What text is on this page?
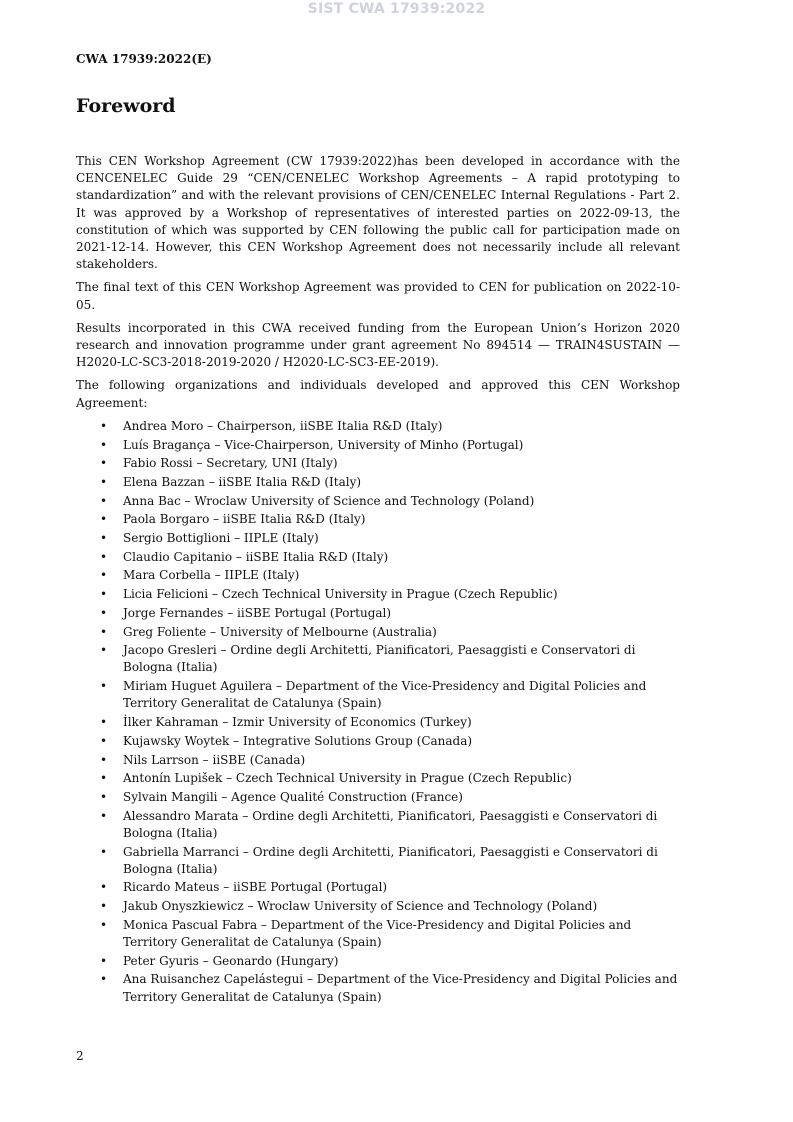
SIST CWA 17939:2022
CWA 17939:2022(E)
Foreword

This CEN Workshop Agreement (CW 17939:2022)has been developed in accordance with the CENCENELEC Guide 29 “CEN/CENELEC Workshop Agreements – A rapid prototyping to standardization” and with the relevant provisions of CEN/CENELEC Internal Regulations - Part 2. It was approved by a Workshop of representatives of interested parties on 2022-09-13, the constitution of which was supported by CEN following the public call for participation made on 2021-12-14. However, this CEN Workshop Agreement does not necessarily include all relevant stakeholders.

The final text of this CEN Workshop Agreement was provided to CEN for publication on 2022-10-05.

Results incorporated in this CWA received funding from the European Union’s Horizon 2020 research and innovation programme under grant agreement No 894514 — TRAIN4SUSTAIN — H2020-LC-SC3-2018-2019-2020 / H2020-LC-SC3-EE-2019).

The following organizations and individuals developed and approved this CEN Workshop Agreement:

• Andrea Moro – Chairperson, iiSBE Italia R&D (Italy)
• Luís Bragança – Vice-Chairperson, University of Minho (Portugal)
• Fabio Rossi – Secretary, UNI (Italy)
• Elena Bazzan – iiSBE Italia R&D (Italy)
• Anna Bac – Wroclaw University of Science and Technology (Poland)
• Paola Borgaro – iiSBE Italia R&D (Italy)
• Sergio Bottiglioni – IIPLE (Italy)
• Claudio Capitanio – iiSBE Italia R&D (Italy)
• Mara Corbella – IIPLE (Italy)
• Licia Felicioni – Czech Technical University in Prague (Czech Republic)
• Jorge Fernandes – iiSBE Portugal (Portugal)
• Greg Foliente – University of Melbourne (Australia)
• Jacopo Gresleri – Ordine degli Architetti, Pianificatori, Paesaggisti e Conservatori di Bologna (Italia)
• Miriam Huguet Aguilera – Department of the Vice-Presidency and Digital Policies and Territory Generalitat de Catalunya (Spain)
• İlker Kahraman – Izmir University of Economics (Turkey)
• Kujawsky Woytek – Integrative Solutions Group (Canada)
• Nils Larrson – iiSBE (Canada)
• Antonín Lupišek – Czech Technical University in Prague (Czech Republic)
• Sylvain Mangili – Agence Qualité Construction (France)
• Alessandro Marata – Ordine degli Architetti, Pianificatori, Paesaggisti e Conservatori di Bologna (Italia)
• Gabriella Marranci – Ordine degli Architetti, Pianificatori, Paesaggisti e Conservatori di Bologna (Italia)
• Ricardo Mateus – iiSBE Portugal (Portugal)
• Jakub Onyszkiewicz – Wroclaw University of Science and Technology (Poland)
• Monica Pascual Fabra – Department of the Vice-Presidency and Digital Policies and Territory Generalitat de Catalunya (Spain)
• Peter Gyuris – Geonardo (Hungary)
• Ana Ruisanchez Capelástegui – Department of the Vice-Presidency and Digital Policies and Territory Generalitat de Catalunya (Spain)
2
